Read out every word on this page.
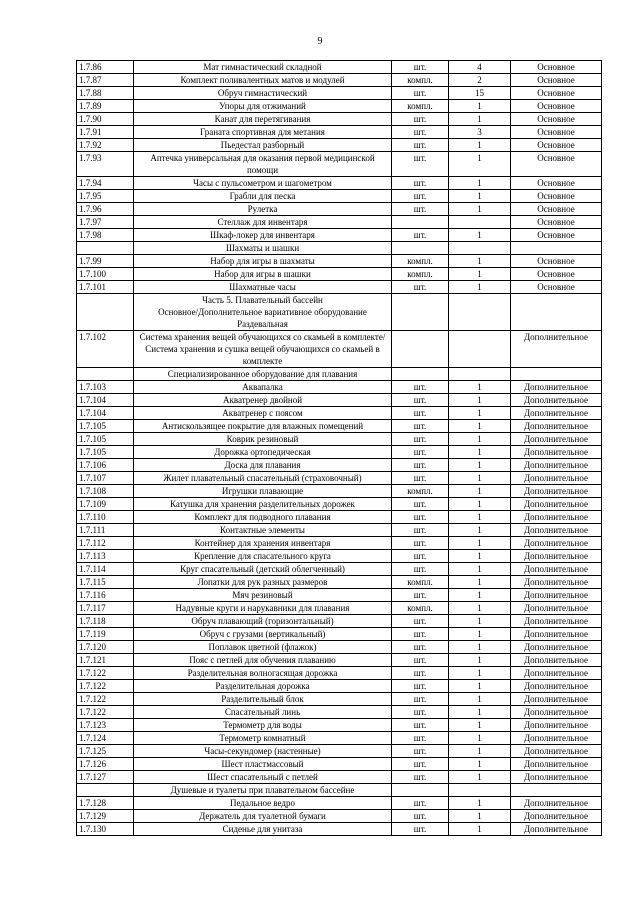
9
1.7.86	Мат гимнастический складной	шт.	4	Основное
1.7.87	Комплект поливалентных матов и модулей	компл.	2	Основное
1.7.88	Обруч гимнастический	шт.	15	Основное
1.7.89	Упоры для отжиманий	компл.	1	Основное
1.7.90	Канат для перетягивания	шт.	1	Основное
1.7.91	Граната спортивная для метания	шт.	3	Основное
1.7.92	Пьедестал разборный	шт.	1	Основное
1.7.93	Аптечка универсальная для оказания первой медицинской помощи	шт.	1	Основное
1.7.94	Часы с пульсометром и шагометром	шт.	1	Основное
1.7.95	Грабли для песка	шт.	1	Основное
1.7.96	Рулетка	шт.	1	Основное
1.7.97	Стеллаж для инвентаря			Основное
1.7.98	Шкаф-локер для инвентаря	шт.	1	Основное
	Шахматы и шашки			
1.7.99	Набор для игры в шахматы	компл.	1	Основное
1.7.100	Набор для игры в шашки	компл.	1	Основное
1.7.101	Шахматные часы	шт.	1	Основное
	Часть 5. Плавательный бассейн			
	Основное/Дополнительное вариативное оборудование			
	Раздевальная			
1.7.102	Система хранения вещей обучающихся со скамьей в комплекте/Система хранения и сушка вещей обучающихся со скамьей в комплекте			Дополнительное
	Специализированное оборудование для плавания			
1.7.103	Аквапалка	шт.	1	Дополнительное
1.7.104	Акватренер двойной	шт.	1	Дополнительное
1.7.104	Акватренер с поясом	шт.	1	Дополнительное
1.7.105	Антискользящее покрытие для влажных помещений	шт.	1	Дополнительное
1.7.105	Коврик резиновый	шт.	1	Дополнительное
1.7.105	Дорожка ортопедическая	шт.	1	Дополнительное
1.7.106	Доска для плавания	шт.	1	Дополнительное
1.7.107	Жилет плавательный спасательный (страховочный)	шт.	1	Дополнительное
1.7.108	Игрушки плавающие	компл.	1	Дополнительное
1.7.109	Катушка для хранения разделительных дорожек	шт.	1	Дополнительное
1.7.110	Комплект для подводного плавания	шт.	1	Дополнительное
1.7.111	Контактные элементы	шт.	1	Дополнительное
1.7.112	Контейнер для хранения инвентаря	шт.	1	Дополнительное
1.7.113	Крепление для спасательного круга	шт.	1	Дополнительное
1.7.114	Круг спасательный (детский облегченный)	шт.	1	Дополнительное
1.7.115	Лопатки для рук разных размеров	компл.	1	Дополнительное
1.7.116	Мяч резиновый	шт.	1	Дополнительное
1.7.117	Надувные круги и нарукавники для плавания	компл.	1	Дополнительное
1.7.118	Обруч плавающий (горизонтальный)	шт.	1	Дополнительное
1.7.119	Обруч с грузами (вертикальный)	шт.	1	Дополнительное
1.7.120	Поплавок цветной (флажок)	шт.	1	Дополнительное
1.7.121	Пояс с петлей для обучения плаванию	шт.	1	Дополнительное
1.7.122	Разделительная волногасящая дорожка	шт.	1	Дополнительное
1.7.122	Разделительная дорожка	шт.	1	Дополнительное
1.7.122	Разделительный блок	шт.	1	Дополнительное
1.7.122	Спасательный линь	шт.	1	Дополнительное
1.7.123	Термометр для воды	шт.	1	Дополнительное
1.7.124	Термометр комнатный	шт.	1	Дополнительное
1.7.125	Часы-секундомер (настенные)	шт.	1	Дополнительное
1.7.126	Шест пластмассовый	шт.	1	Дополнительное
1.7.127	Шест спасательный с петлей	шт.	1	Дополнительное
	Душевые и туалеты при плавательном бассейне			
1.7.128	Педальное ведро	шт.	1	Дополнительное
1.7.129	Держатель для туалетной бумаги	шт.	1	Дополнительное
1.7.130	Сиденье для унитаза	шт.	1	Дополнительное
